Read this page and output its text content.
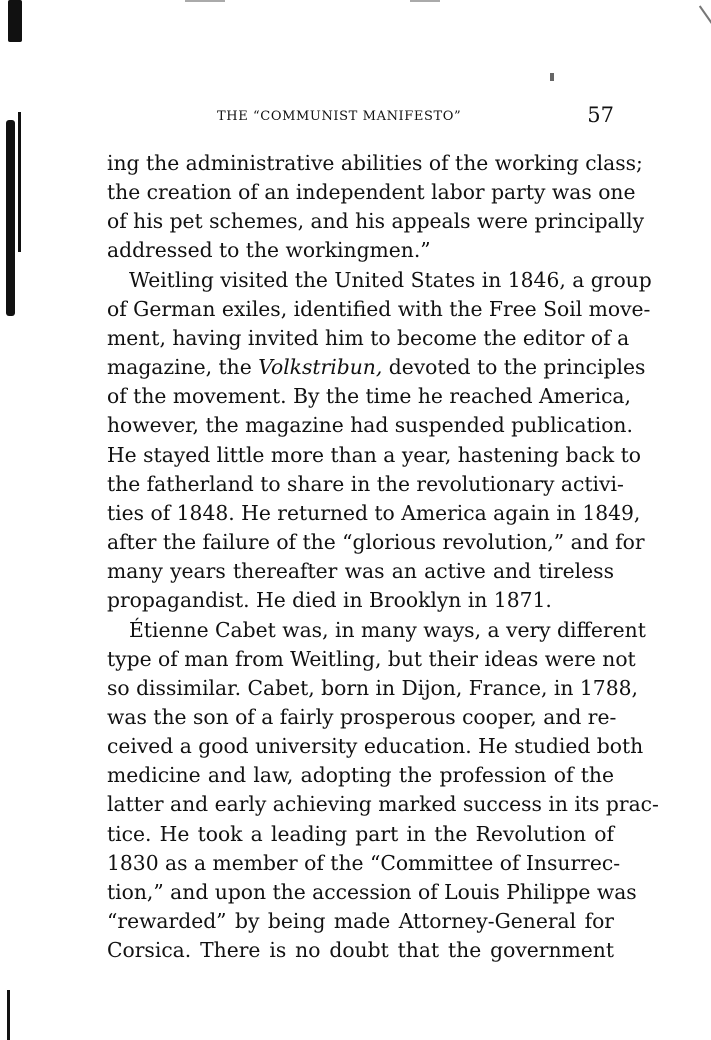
THE “COMMUNIST MANIFESTO”	57
ing the administrative abilities of the working class;
the creation of an independent labor party was one
of his pet schemes, and his appeals were principally
addressed to the workingmen.”
Weitling visited the United States in 1846, a group
of German exiles, identified with the Free Soil move-
ment, having invited him to become the editor of a
magazine, the Volkstribun, devoted to the principles
of the movement. By the time he reached America,
however, the magazine had suspended publication.
He stayed little more than a year, hastening back to
the fatherland to share in the revolutionary activi-
ties of 1848. He returned to America again in 1849,
after the failure of the “glorious revolution,” and for
many years thereafter was an active and tireless
propagandist. He died in Brooklyn in 1871.
Étienne Cabet was, in many ways, a very different
type of man from Weitling, but their ideas were not
so dissimilar. Cabet, born in Dijon, France, in 1788,
was the son of a fairly prosperous cooper, and re-
ceived a good university education. He studied both
medicine and law, adopting the profession of the
latter and early achieving marked success in its prac-
tice. He took a leading part in the Revolution of
1830 as a member of the “Committee of Insurrec-
tion,” and upon the accession of Louis Philippe was
“rewarded” by being made Attorney-General for
Corsica. There is no doubt that the government
